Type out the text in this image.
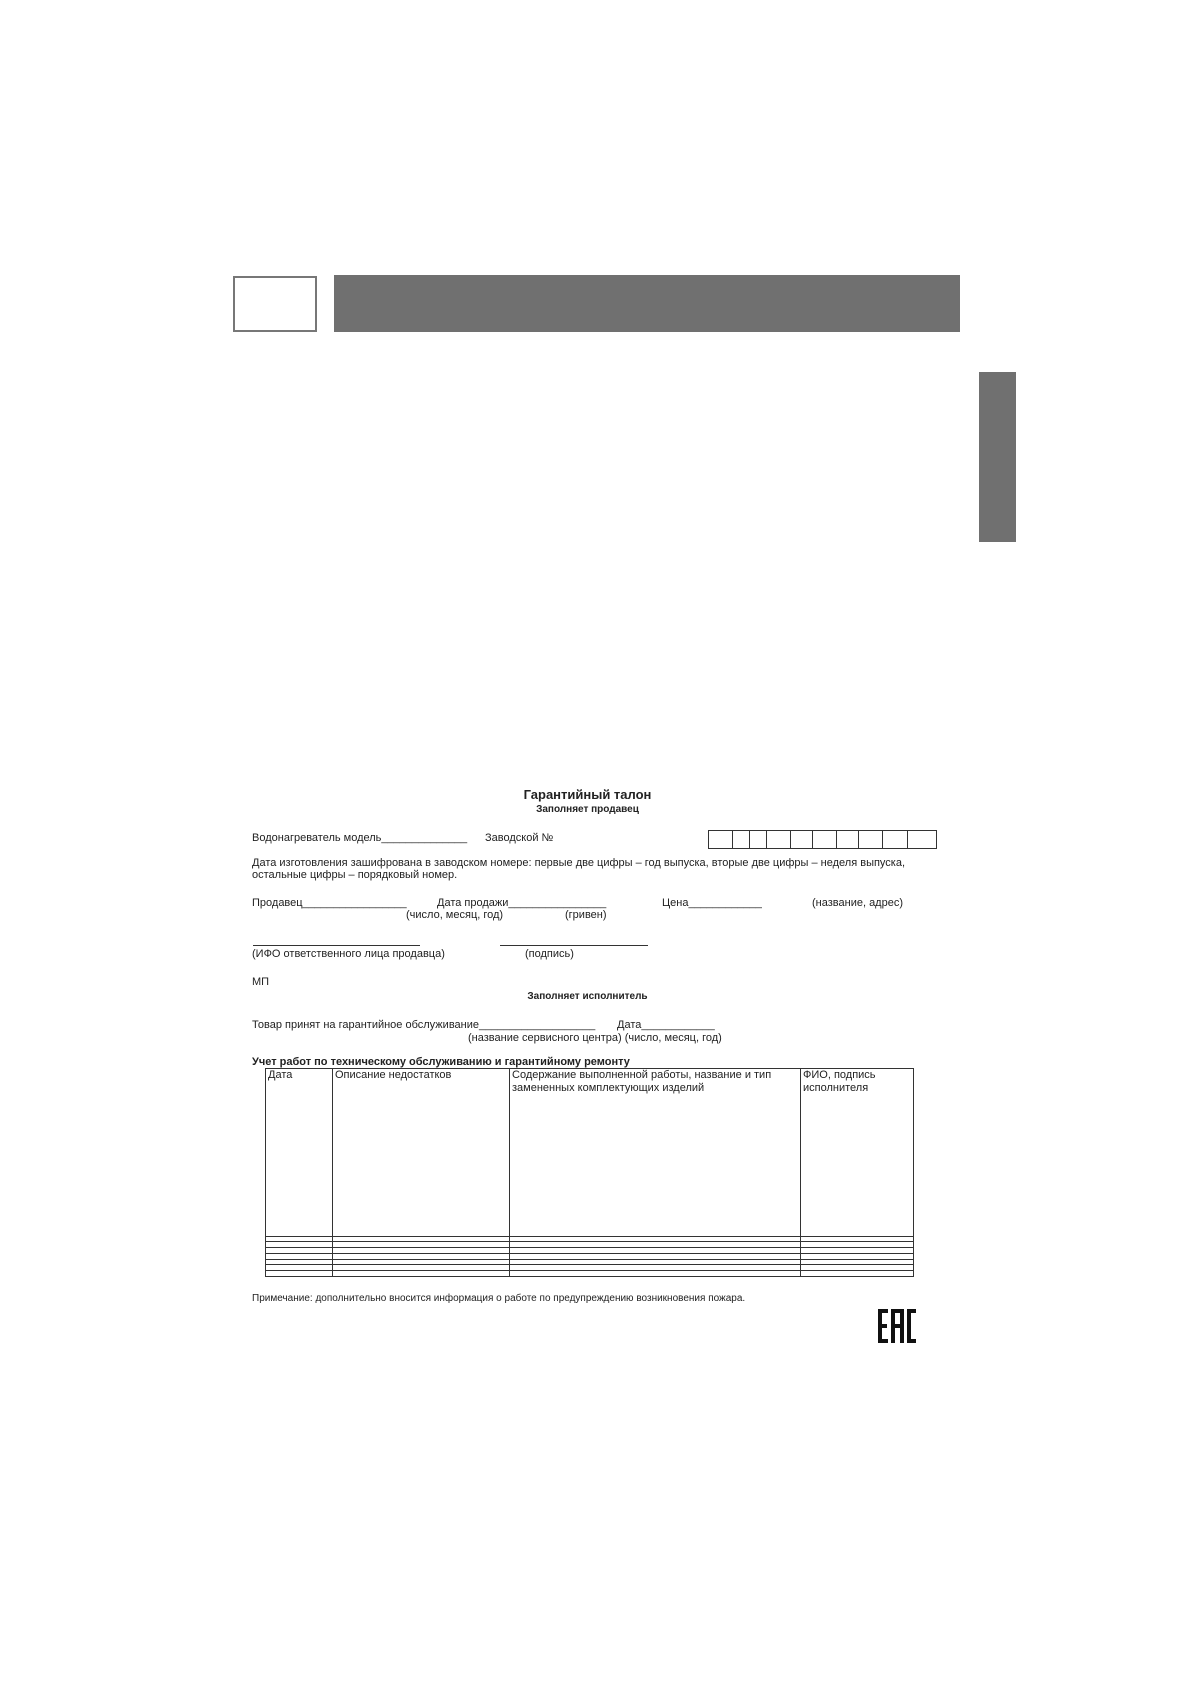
Гарантийный талон
Заполняет продавец
Водонагреватель модель______________ Заводской №
Дата изготовления зашифрована в заводском номере: первые две цифры – год выпуска, вторые две цифры – неделя выпуска,
остальные цифры – порядковый номер.
Продавец_________________	Дата продажи________________	Цена____________	(название, адрес)
(число, месяц, год)	(гривен)
(ИФО ответственного лица продавца)	(подпись)
МП
Заполняет исполнитель
Товар принят на гарантийное обслуживание___________________ Дата____________
(название сервисного центра) (число, месяц, год)
Учет работ по техническому обслуживанию и гарантийному ремонту
Дата	Описание недостатков	Содержание выполненной работы, название и тип замененных комплектующих изделий	ФИО, подпись исполнителя

Примечание: дополнительно вносится информация о работе по предупреждению возникновения пожара.
